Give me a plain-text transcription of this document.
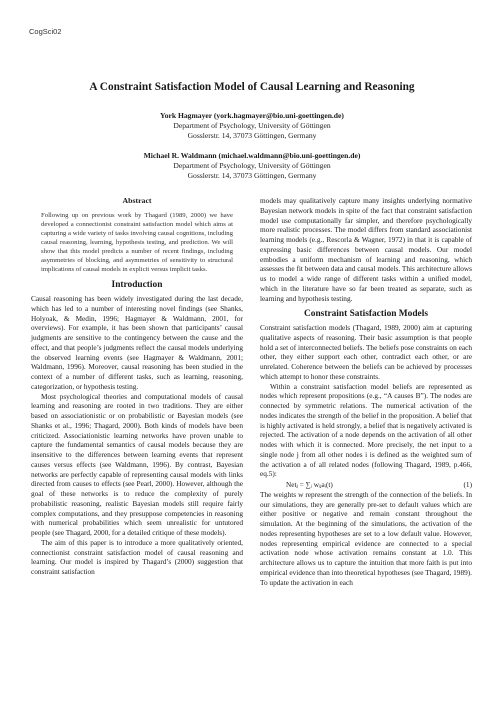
CogSci02
A Constraint Satisfaction Model of Causal Learning and Reasoning
York Hagmayer (york.hagmayer@bio.uni-goettingen.de)
Department of Psychology, University of Göttingen
Gosslerstr. 14, 37073 Göttingen, Germany
Michael R. Waldmann (michael.waldmann@bio.uni-goettingen.de)
Department of Psychology, University of Göttingen
Gosslerstr. 14, 37073 Göttingen, Germany
Abstract

Following up on previous work by Thagard (1989, 2000) we have developed a connectionist constraint satisfaction model which aims at capturing a wide variety of tasks involving causal cognitions, including causal reasoning, learning, hypothesis testing, and prediction. We will show that this model predicts a number of recent findings, including asymmetries of blocking, and asymmetries of sensitivity to structural implications of causal models in explicit versus implicit tasks.

Introduction

Causal reasoning has been widely investigated during the last decade, which has led to a number of interesting novel findings (see Shanks, Holyoak, & Medin, 1996; Hagmayer & Waldmann, 2001, for overviews). For example, it has been shown that participants’ causal judgments are sensitive to the contingency between the cause and the effect, and that people’s judgments reflect the causal models underlying the observed learning events (see Hagmayer & Waldmann, 2001; Waldmann, 1996). Moreover, causal reasoning has been studied in the context of a number of different tasks, such as learning, reasoning, categorization, or hypothesis testing.

Most psychological theories and computational models of causal learning and reasoning are rooted in two traditions. They are either based on associationistic or on probabilistic or Bayesian models (see Shanks et al., 1996; Thagard, 2000). Both kinds of models have been criticized. Associationistic learning networks have proven unable to capture the fundamental semantics of causal models because they are insensitive to the differences between learning events that represent causes versus effects (see Waldmann, 1996). By contrast, Bayesian networks are perfectly capable of representing causal models with links directed from causes to effects (see Pearl, 2000). However, although the goal of these networks is to reduce the complexity of purely probabilistic reasoning, realistic Bayesian models still require fairly complex computations, and they presuppose competencies in reasoning with numerical probabilities which seem unrealistic for untutored people (see Thagard, 2000, for a detailed critique of these models).

The aim of this paper is to introduce a more qualitatively oriented, connectionist constraint satisfaction model of causal reasoning and learning. Our model is inspired by Thagard’s (2000) suggestion that constraint satisfaction

models may qualitatively capture many insights underlying normative Bayesian network models in spite of the fact that constraint satisfaction model use computationally far simpler, and therefore psychologically more realistic processes. The model differs from standard associationist learning models (e.g., Rescorla & Wagner, 1972) in that it is capable of expressing basic differences between causal models. Our model embodies a uniform mechanism of learning and reasoning, which assesses the fit between data and causal models. This architecture allows us to model a wide range of different tasks within a unified model, which in the literature have so far been treated as separate, such as learning and hypothesis testing.

Constraint Satisfaction Models

Constraint satisfaction models (Thagard, 1989, 2000) aim at capturing qualitative aspects of reasoning. Their basic assumption is that people hold a set of interconnected beliefs. The beliefs pose constraints on each other, they either support each other, contradict each other, or are unrelated. Coherence between the beliefs can be achieved by processes which attempt to honor these constraints.

Within a constraint satisfaction model beliefs are represented as nodes which represent propositions (e.g., “A causes B”). The nodes are connected by symmetric relations. The numerical activation of the nodes indicates the strength of the belief in the proposition. A belief that is highly activated is held strongly, a belief that is negatively activated is rejected. The activation of a node depends on the activation of all other nodes with which it is connected. More precisely, the net input to a single node j from all other nodes i is defined as the weighted sum of the activation a of all related nodes (following Thagard, 1989, p.466, eq.5):

Netⱼ = ∑ᵢ wᵢⱼaᵢ(t)	(1)

The weights w represent the strength of the connection of the beliefs. In our simulations, they are generally pre-set to default values which are either positive or negative and remain constant throughout the simulation. At the beginning of the simulations, the activation of the nodes representing hypotheses are set to a low default value. However, nodes representing empirical evidence are connected to a special activation node whose activation remains constant at 1.0. This architecture allows us to capture the intuition that more faith is put into empirical evidence than into theoretical hypotheses (see Thagard, 1989). To update the activation in each
